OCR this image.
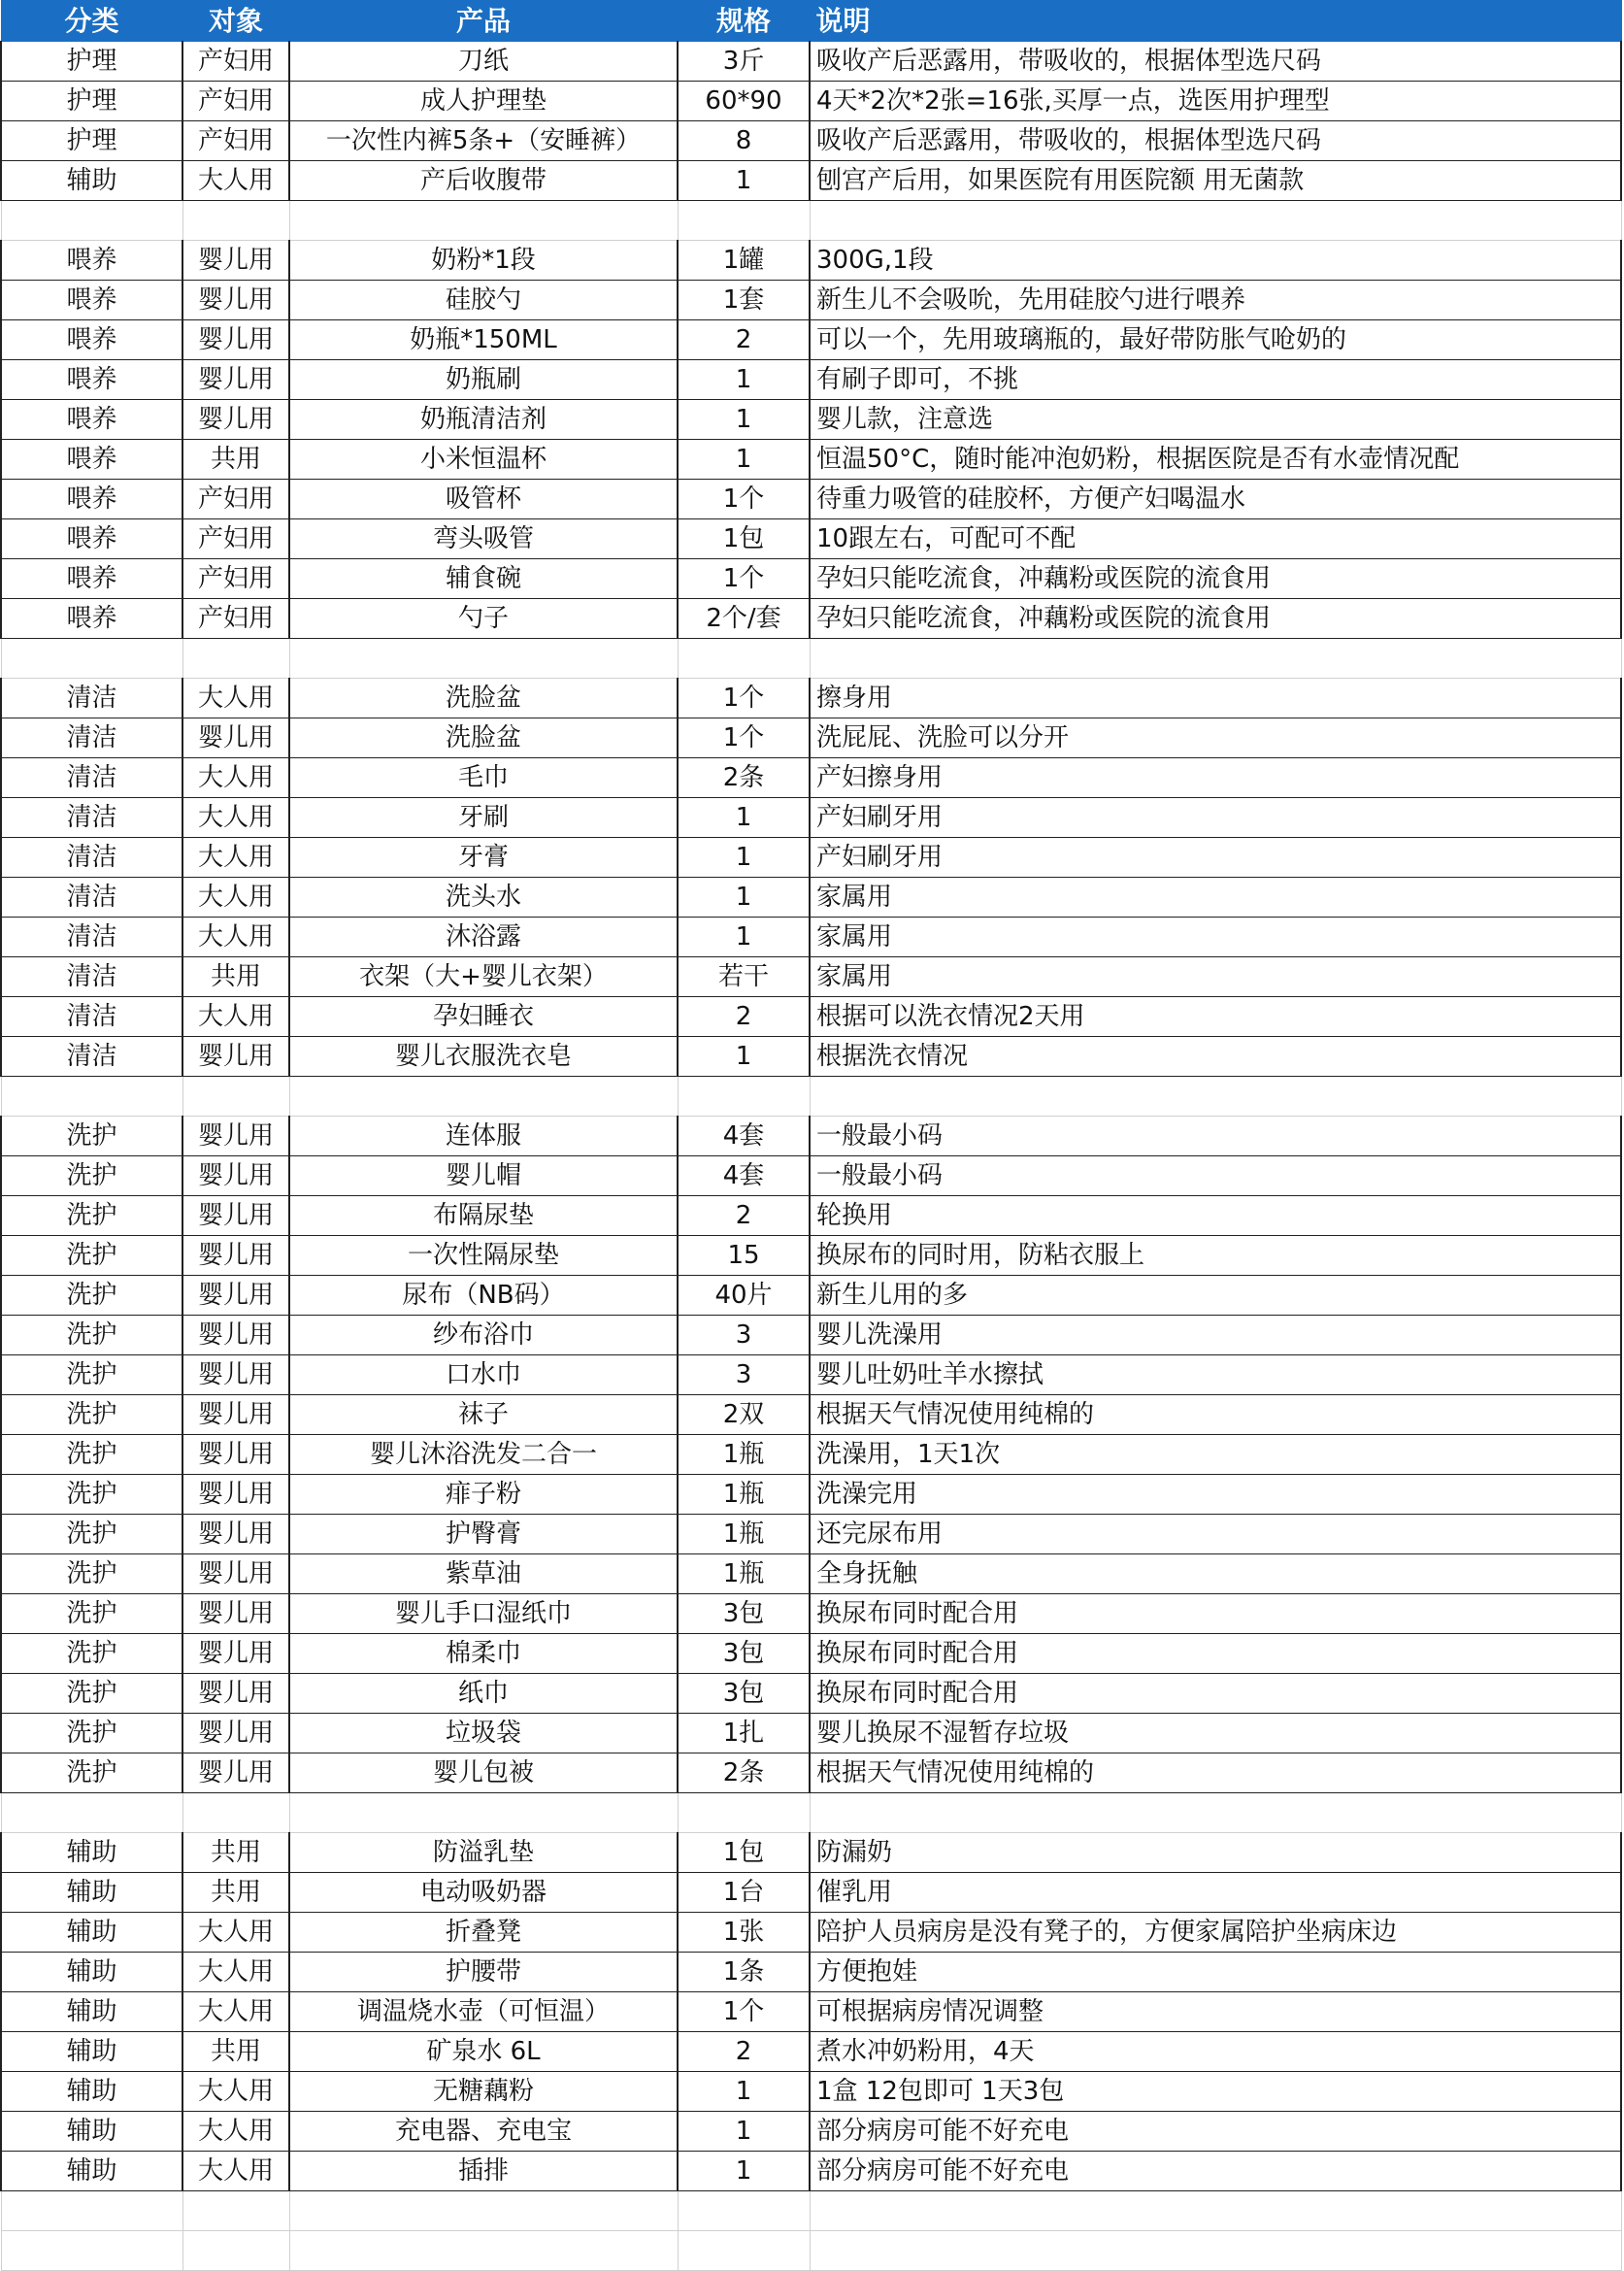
分类	对象	产品	规格	说明
护理	产妇用	刀纸	3斤	吸收产后恶露用，带吸收的，根据体型选尺码
护理	产妇用	成人护理垫	60*90	4天*2次*2张=16张,买厚一点，选医用护理型
护理	产妇用	一次性内裤5条+（安睡裤）	8	吸收产后恶露用，带吸收的，根据体型选尺码
辅助	大人用	产后收腹带	1	刨宫产后用，如果医院有用医院额 用无菌款

喂养	婴儿用	奶粉*1段	1罐	300G,1段
喂养	婴儿用	硅胶勺	1套	新生儿不会吸吮，先用硅胶勺进行喂养
喂养	婴儿用	奶瓶*150ML	2	可以一个，先用玻璃瓶的，最好带防胀气呛奶的
喂养	婴儿用	奶瓶刷	1	有刷子即可，不挑
喂养	婴儿用	奶瓶清洁剂	1	婴儿款，注意选
喂养	共用	小米恒温杯	1	恒温50°C，随时能冲泡奶粉，根据医院是否有水壶情况配
喂养	产妇用	吸管杯	1个	待重力吸管的硅胶杯，方便产妇喝温水
喂养	产妇用	弯头吸管	1包	10跟左右，可配可不配
喂养	产妇用	辅食碗	1个	孕妇只能吃流食，冲藕粉或医院的流食用
喂养	产妇用	勺子	2个/套	孕妇只能吃流食，冲藕粉或医院的流食用

清洁	大人用	洗脸盆	1个	擦身用
清洁	婴儿用	洗脸盆	1个	洗屁屁、洗脸可以分开
清洁	大人用	毛巾	2条	产妇擦身用
清洁	大人用	牙刷	1	产妇刷牙用
清洁	大人用	牙膏	1	产妇刷牙用
清洁	大人用	洗头水	1	家属用
清洁	大人用	沐浴露	1	家属用
清洁	共用	衣架（大+婴儿衣架）	若干	家属用
清洁	大人用	孕妇睡衣	2	根据可以洗衣情况2天用
清洁	婴儿用	婴儿衣服洗衣皂	1	根据洗衣情况

洗护	婴儿用	连体服	4套	一般最小码
洗护	婴儿用	婴儿帽	4套	一般最小码
洗护	婴儿用	布隔尿垫	2	轮换用
洗护	婴儿用	一次性隔尿垫	15	换尿布的同时用，防粘衣服上
洗护	婴儿用	尿布（NB码）	40片	新生儿用的多
洗护	婴儿用	纱布浴巾	3	婴儿洗澡用
洗护	婴儿用	口水巾	3	婴儿吐奶吐羊水擦拭
洗护	婴儿用	袜子	2双	根据天气情况使用纯棉的
洗护	婴儿用	婴儿沐浴洗发二合一	1瓶	洗澡用，1天1次
洗护	婴儿用	痱子粉	1瓶	洗澡完用
洗护	婴儿用	护臀膏	1瓶	还完尿布用
洗护	婴儿用	紫草油	1瓶	全身抚触
洗护	婴儿用	婴儿手口湿纸巾	3包	换尿布同时配合用
洗护	婴儿用	棉柔巾	3包	换尿布同时配合用
洗护	婴儿用	纸巾	3包	换尿布同时配合用
洗护	婴儿用	垃圾袋	1扎	婴儿换尿不湿暂存垃圾
洗护	婴儿用	婴儿包被	2条	根据天气情况使用纯棉的

辅助	共用	防溢乳垫	1包	防漏奶
辅助	共用	电动吸奶器	1台	催乳用
辅助	大人用	折叠凳	1张	陪护人员病房是没有凳子的，方便家属陪护坐病床边
辅助	大人用	护腰带	1条	方便抱娃
辅助	大人用	调温烧水壶（可恒温）	1个	可根据病房情况调整
辅助	共用	矿泉水 6L	2	煮水冲奶粉用，4天
辅助	大人用	无糖藕粉	1	1盒 12包即可 1天3包
辅助	大人用	充电器、充电宝	1	部分病房可能不好充电
辅助	大人用	插排	1	部分病房可能不好充电
